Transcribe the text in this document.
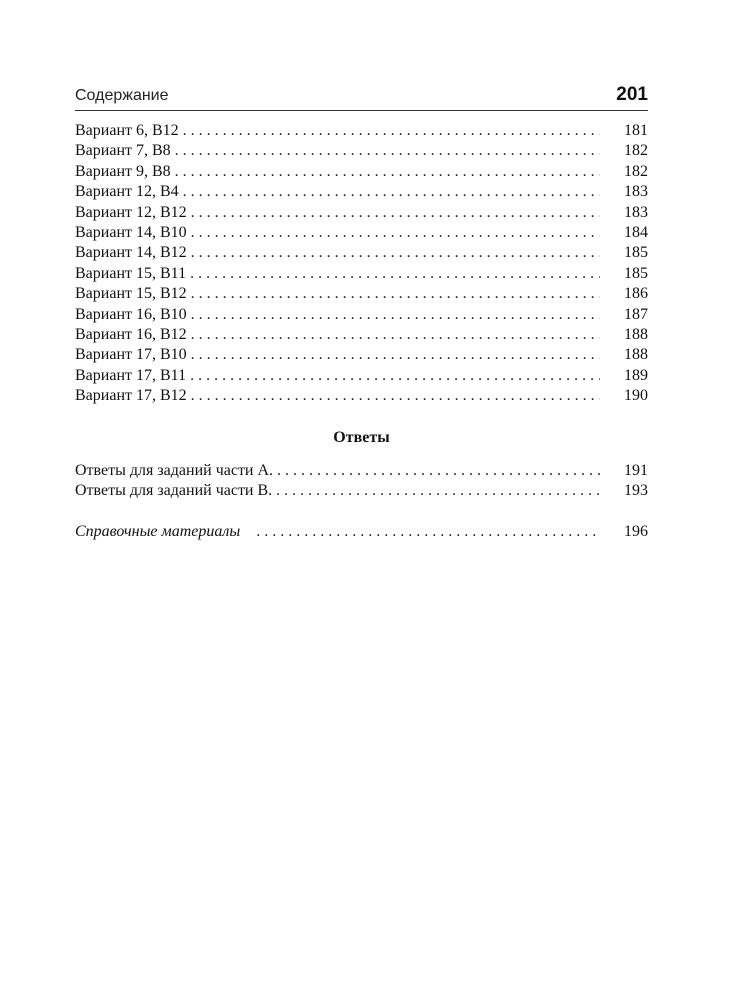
Содержание	201
Вариант 6, В12 . . .	181
Вариант 7, В8 . . .	182
Вариант 9, В8 . . .	182
Вариант 12, В4 . . .	183
Вариант 12, В12 . . .	183
Вариант 14, В10 . . .	184
Вариант 14, В12 . . .	185
Вариант 15, В11 . . .	185
Вариант 15, В12 . . .	186
Вариант 16, В10 . . .	187
Вариант 16, В12 . . .	188
Вариант 17, В10 . . .	188
Вариант 17, В11 . . .	189
Вариант 17, В12 . . .	190
Ответы
Ответы для заданий части А. . . .	191
Ответы для заданий части В. . . .	193
Справочные материалы . . .	196
